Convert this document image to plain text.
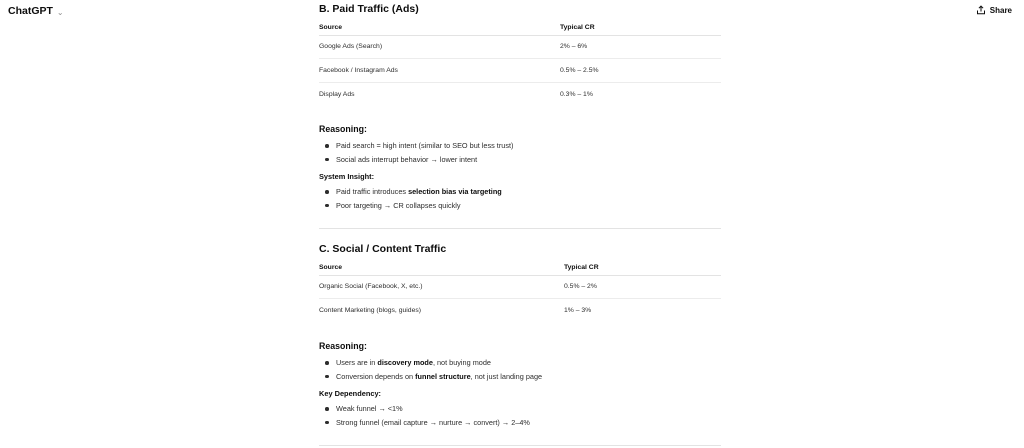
ChatGPT ⌄	Share
B. Paid Traffic (Ads)
Source	Typical CR
Google Ads (Search)	2% – 6%
Facebook / Instagram Ads	0.5% – 2.5%
Display Ads	0.3% – 1%
Reasoning:
Paid search = high intent (similar to SEO but less trust)
Social ads interrupt behavior → lower intent
System Insight:
Paid traffic introduces selection bias via targeting
Poor targeting → CR collapses quickly
C. Social / Content Traffic
Source	Typical CR
Organic Social (Facebook, X, etc.)	0.5% – 2%
Content Marketing (blogs, guides)	1% – 3%
Reasoning:
Users are in discovery mode, not buying mode
Conversion depends on funnel structure, not just landing page
Key Dependency:
Weak funnel → <1%
Strong funnel (email capture → nurture → convert) → 2–4%
